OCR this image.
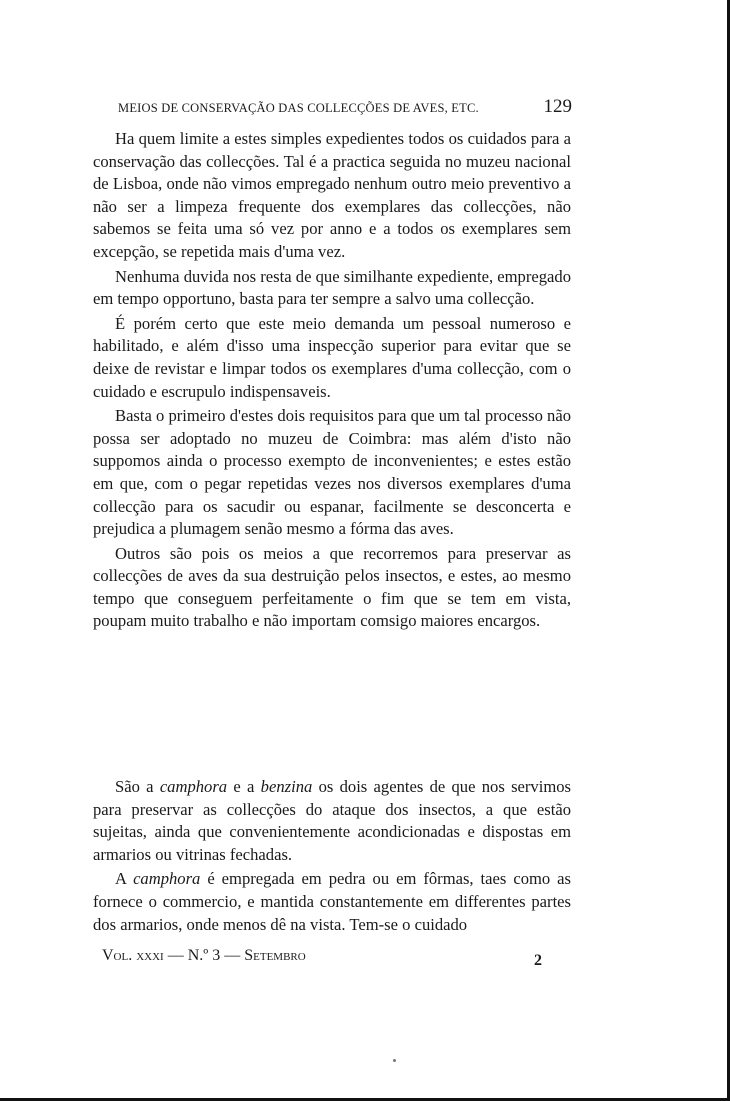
MEIOS DE CONSERVAÇÃO DAS COLLECÇÕES DE AVES, ETC.	129

Ha quem limite a estes simples expedientes todos os cuidados para a conservação das collecções. Tal é a practica seguida no muzeu nacional de Lisboa, onde não vimos empregado nenhum outro meio preventivo a não ser a limpeza frequente dos exemplares das collecções, não sabemos se feita uma só vez por anno e a todos os exemplares sem excepção, se repetida mais d'uma vez.

Nenhuma duvida nos resta de que similhante expediente, empregado em tempo opportuno, basta para ter sempre a salvo uma collecção.

É porém certo que este meio demanda um pessoal numeroso e habilitado, e além d'isso uma inspecção superior para evitar que se deixe de revistar e limpar todos os exemplares d'uma collecção, com o cuidado e escrupulo indispensaveis.

Basta o primeiro d'estes dois requisitos para que um tal processo não possa ser adoptado no muzeu de Coimbra: mas além d'isto não suppomos ainda o processo exempto de inconvenientes; e estes estão em que, com o pegar repetidas vezes nos diversos exemplares d'uma collecção para os sacudir ou espanar, facilmente se desconcerta e prejudica a plumagem senão mesmo a fórma das aves.

Outros são pois os meios a que recorremos para preservar as collecções de aves da sua destruição pelos insectos, e estes, ao mesmo tempo que conseguem perfeitamente o fim que se tem em vista, poupam muito trabalho e não importam comsigo maiores encargos.

São a camphora e a benzina os dois agentes de que nos servimos para preservar as collecções do ataque dos insectos, a que estão sujeitas, ainda que convenientemente acondicionadas e dispostas em armarios ou vitrinas fechadas.

A camphora é empregada em pedra ou em fôrmas, taes como as fornece o commercio, e mantida constantemente em differentes partes dos armarios, onde menos dê na vista. Tem-se o cuidado

Vol. xxxi — N.º 3 — Setembro	2
